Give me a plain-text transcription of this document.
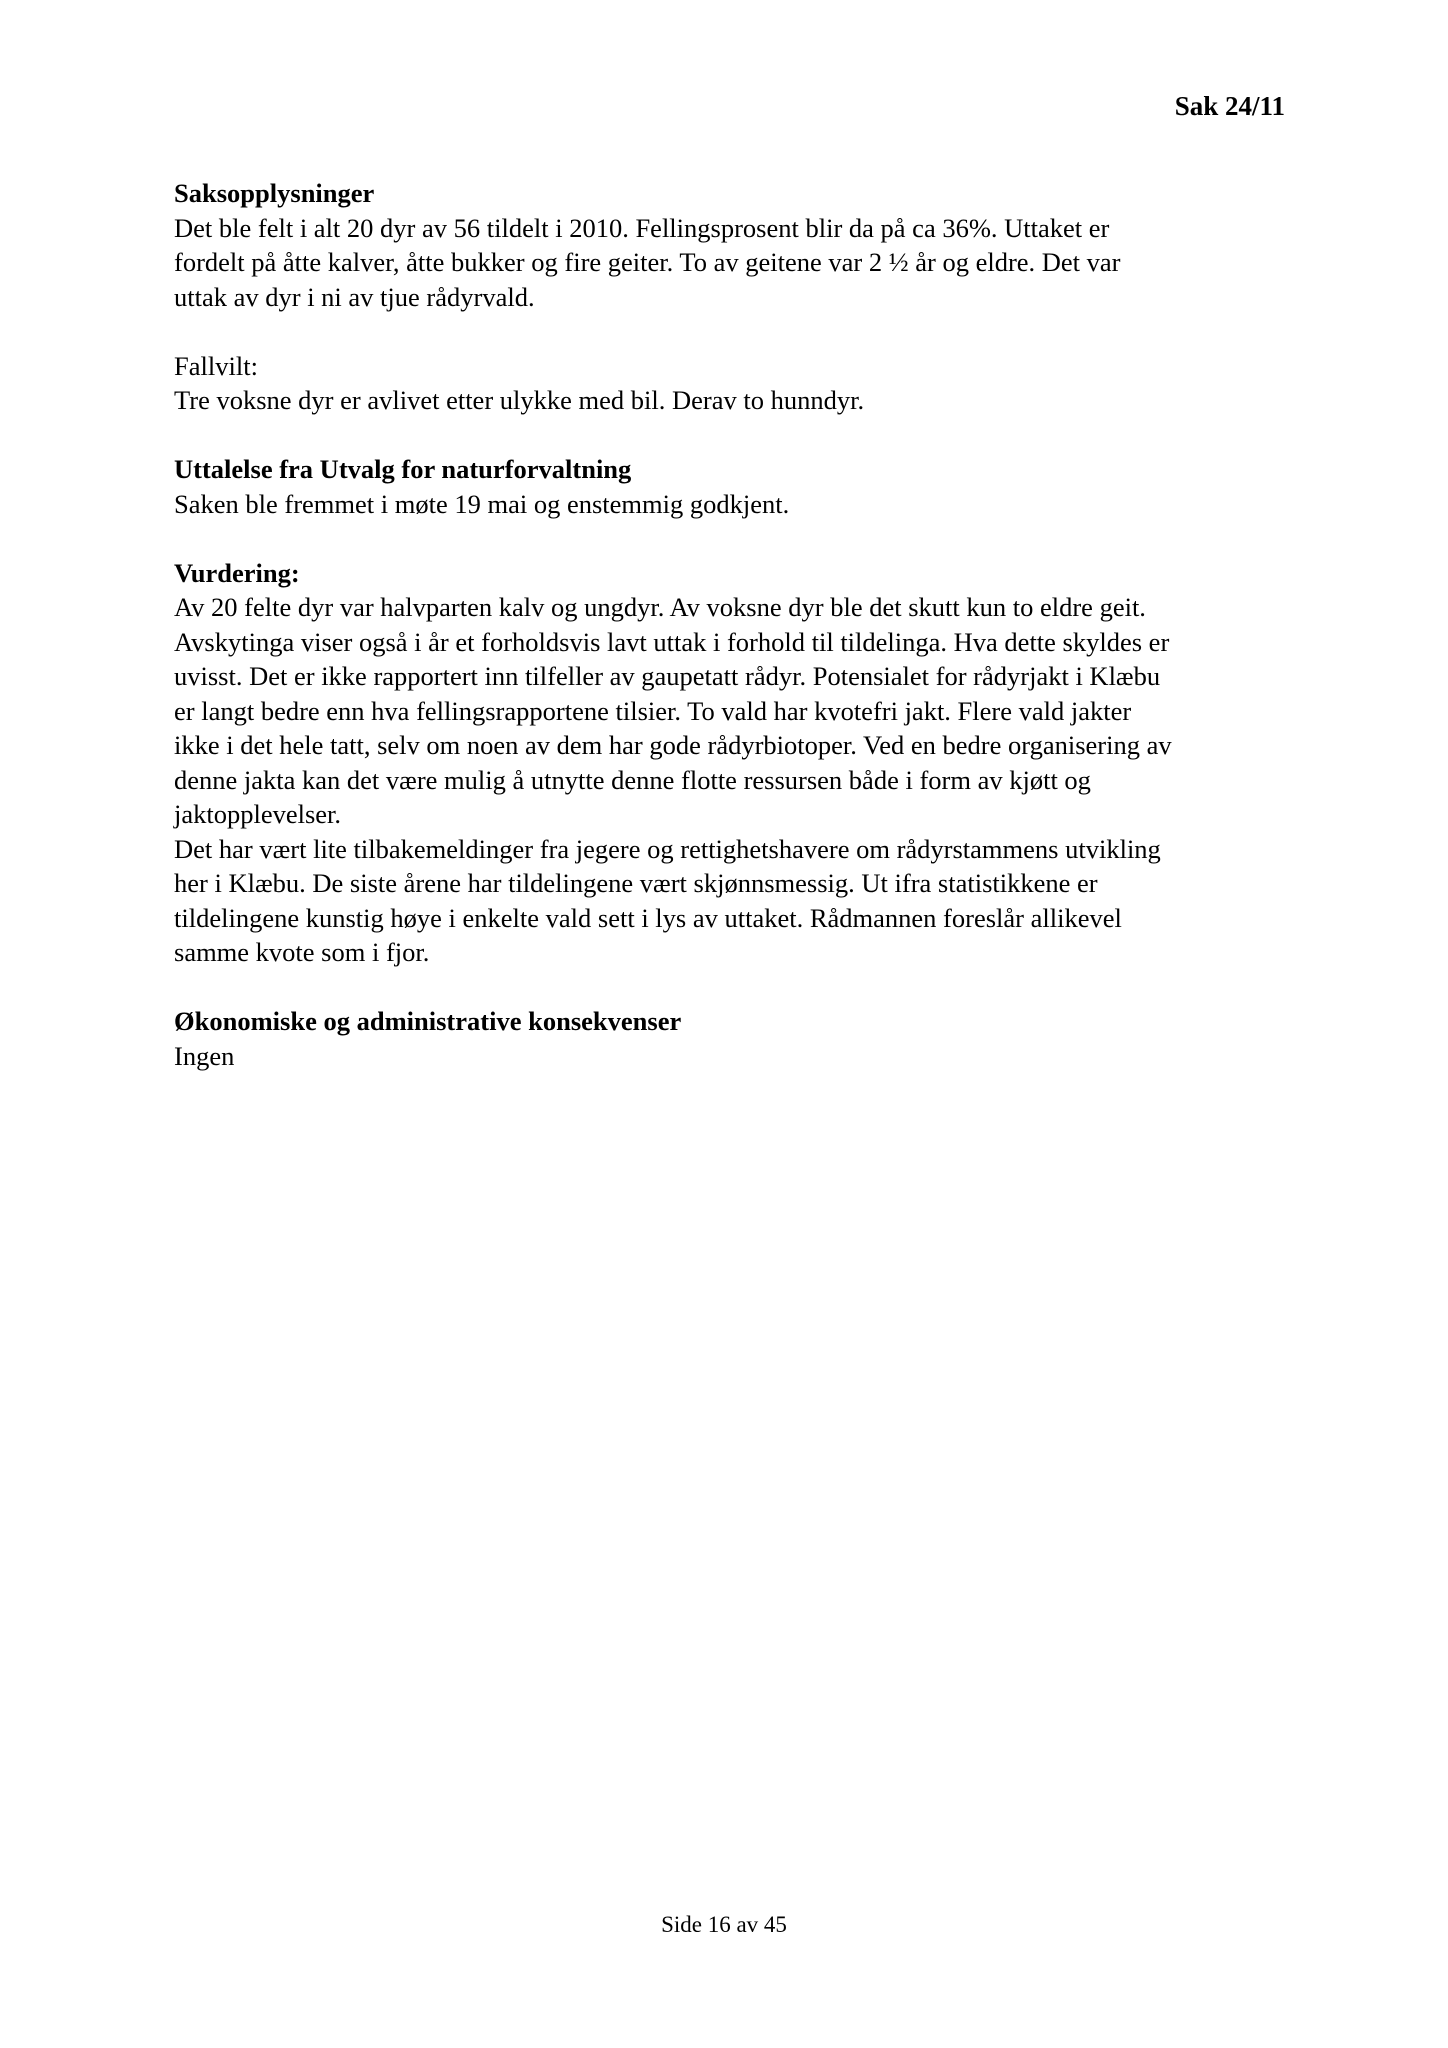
Sak 24/11
Saksopplysninger
Det ble felt i alt 20 dyr av 56 tildelt i 2010. Fellingsprosent blir da på ca 36%. Uttaket er
fordelt på åtte kalver, åtte bukker og fire geiter. To av geitene var 2 ½ år og eldre. Det var
uttak av dyr i ni av tjue rådyrvald.
Fallvilt:
Tre voksne dyr er avlivet etter ulykke med bil. Derav to hunndyr.
Uttalelse fra Utvalg for naturforvaltning
Saken ble fremmet i møte 19 mai og enstemmig godkjent.
Vurdering:
Av 20 felte dyr var halvparten kalv og ungdyr. Av voksne dyr ble det skutt kun to eldre geit.
Avskytinga viser også i år et forholdsvis lavt uttak i forhold til tildelinga. Hva dette skyldes er
uvisst. Det er ikke rapportert inn tilfeller av gaupetatt rådyr. Potensialet for rådyrjakt i Klæbu
er langt bedre enn hva fellingsrapportene tilsier. To vald har kvotefri jakt. Flere vald jakter
ikke i det hele tatt, selv om noen av dem har gode rådyrbiotoper. Ved en bedre organisering av
denne jakta kan det være mulig å utnytte denne flotte ressursen både i form av kjøtt og
jaktopplevelser.
Det har vært lite tilbakemeldinger fra jegere og rettighetshavere om rådyrstammens utvikling
her i Klæbu. De siste årene har tildelingene vært skjønnsmessig. Ut ifra statistikkene er
tildelingene kunstig høye i enkelte vald sett i lys av uttaket. Rådmannen foreslår allikevel
samme kvote som i fjor.
Økonomiske og administrative konsekvenser
Ingen
Side 16 av 45
